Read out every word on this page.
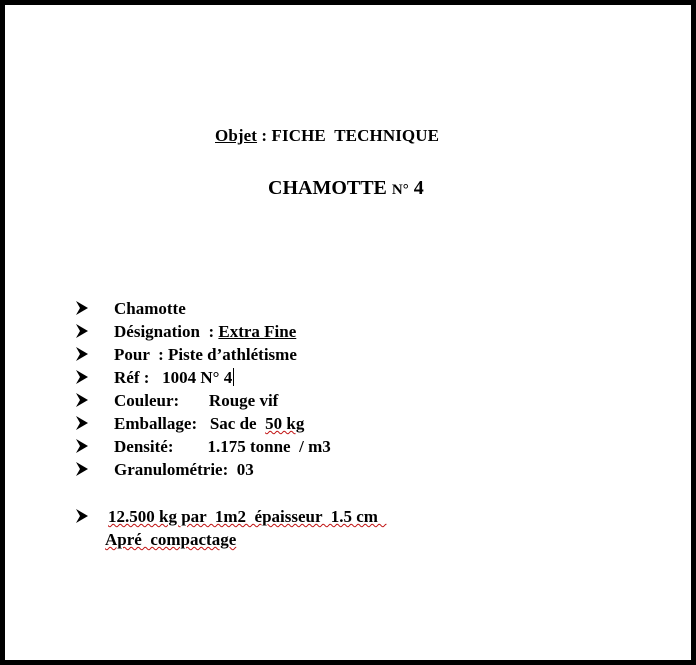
Objet : FICHE  TECHNIQUE
CHAMOTTE N° 4

Chamotte

Désignation  : Extra Fine

Pour  : Piste d’athlétisme

Réf :   1004 N° 4

Couleur:       Rouge vif

Emballage:   Sac de  50 kg

Densité:        1.175 tonne  / m3

Granulométrie:  03

12.500 kg par  1m2  épaisseur  1.5 cm

Apré  compactage
